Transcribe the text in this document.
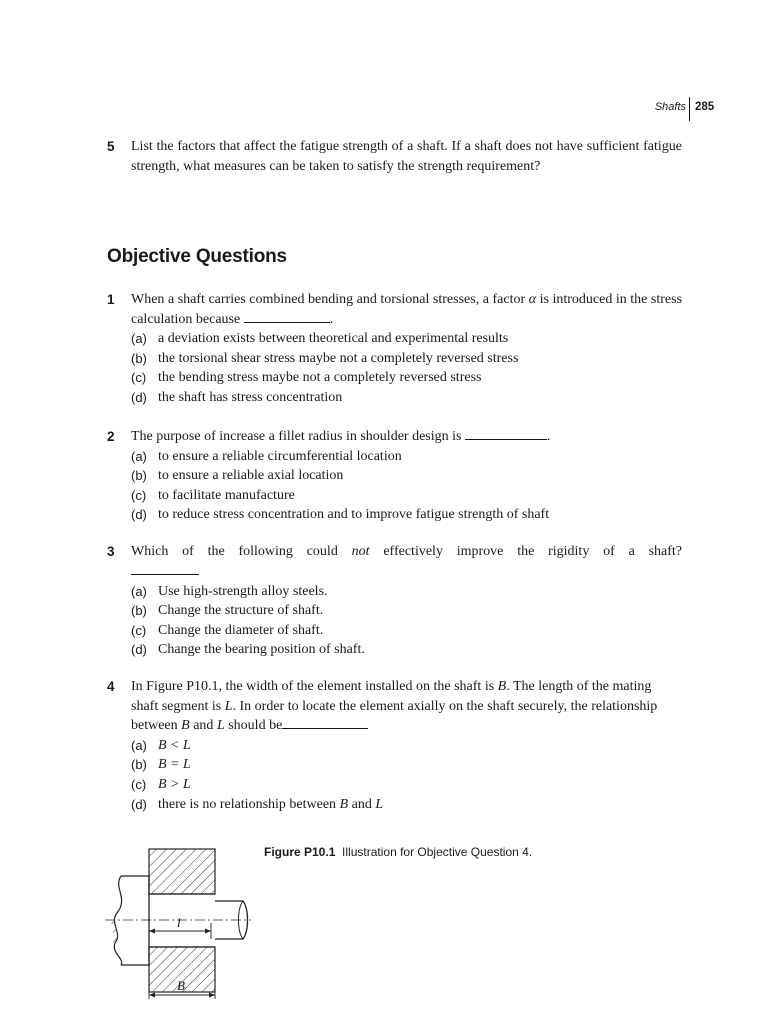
Shafts 285
5 List the factors that affect the fatigue strength of a shaft. If a shaft does not have sufficient fatigue strength, what measures can be taken to satisfy the strength requirement?
Objective Questions
1 When a shaft carries combined bending and torsional stresses, a factor α is introduced in the stress calculation because	.
(a) a deviation exists between theoretical and experimental results
(b) the torsional shear stress maybe not a completely reversed stress
(c) the bending stress maybe not a completely reversed stress
(d) the shaft has stress concentration
2 The purpose of increase a fillet radius in shoulder design is	.
(a) to ensure a reliable circumferential location
(b) to ensure a reliable axial location
(c) to facilitate manufacture
(d) to reduce stress concentration and to improve fatigue strength of shaft
3 Which of the following could not effectively improve the rigidity of a shaft?
(a) Use high-strength alloy steels.
(b) Change the structure of shaft.
(c) Change the diameter of shaft.
(d) Change the bearing position of shaft.
4 In Figure P10.1, the width of the element installed on the shaft is B. The length of the mating shaft segment is L. In order to locate the element axially on the shaft securely, the relationship between B and L should be
(a) B < L
(b) B = L
(c) B > L
(d) there is no relationship between B and L
Figure P10.1 Illustration for Objective Question 4.
l
B
